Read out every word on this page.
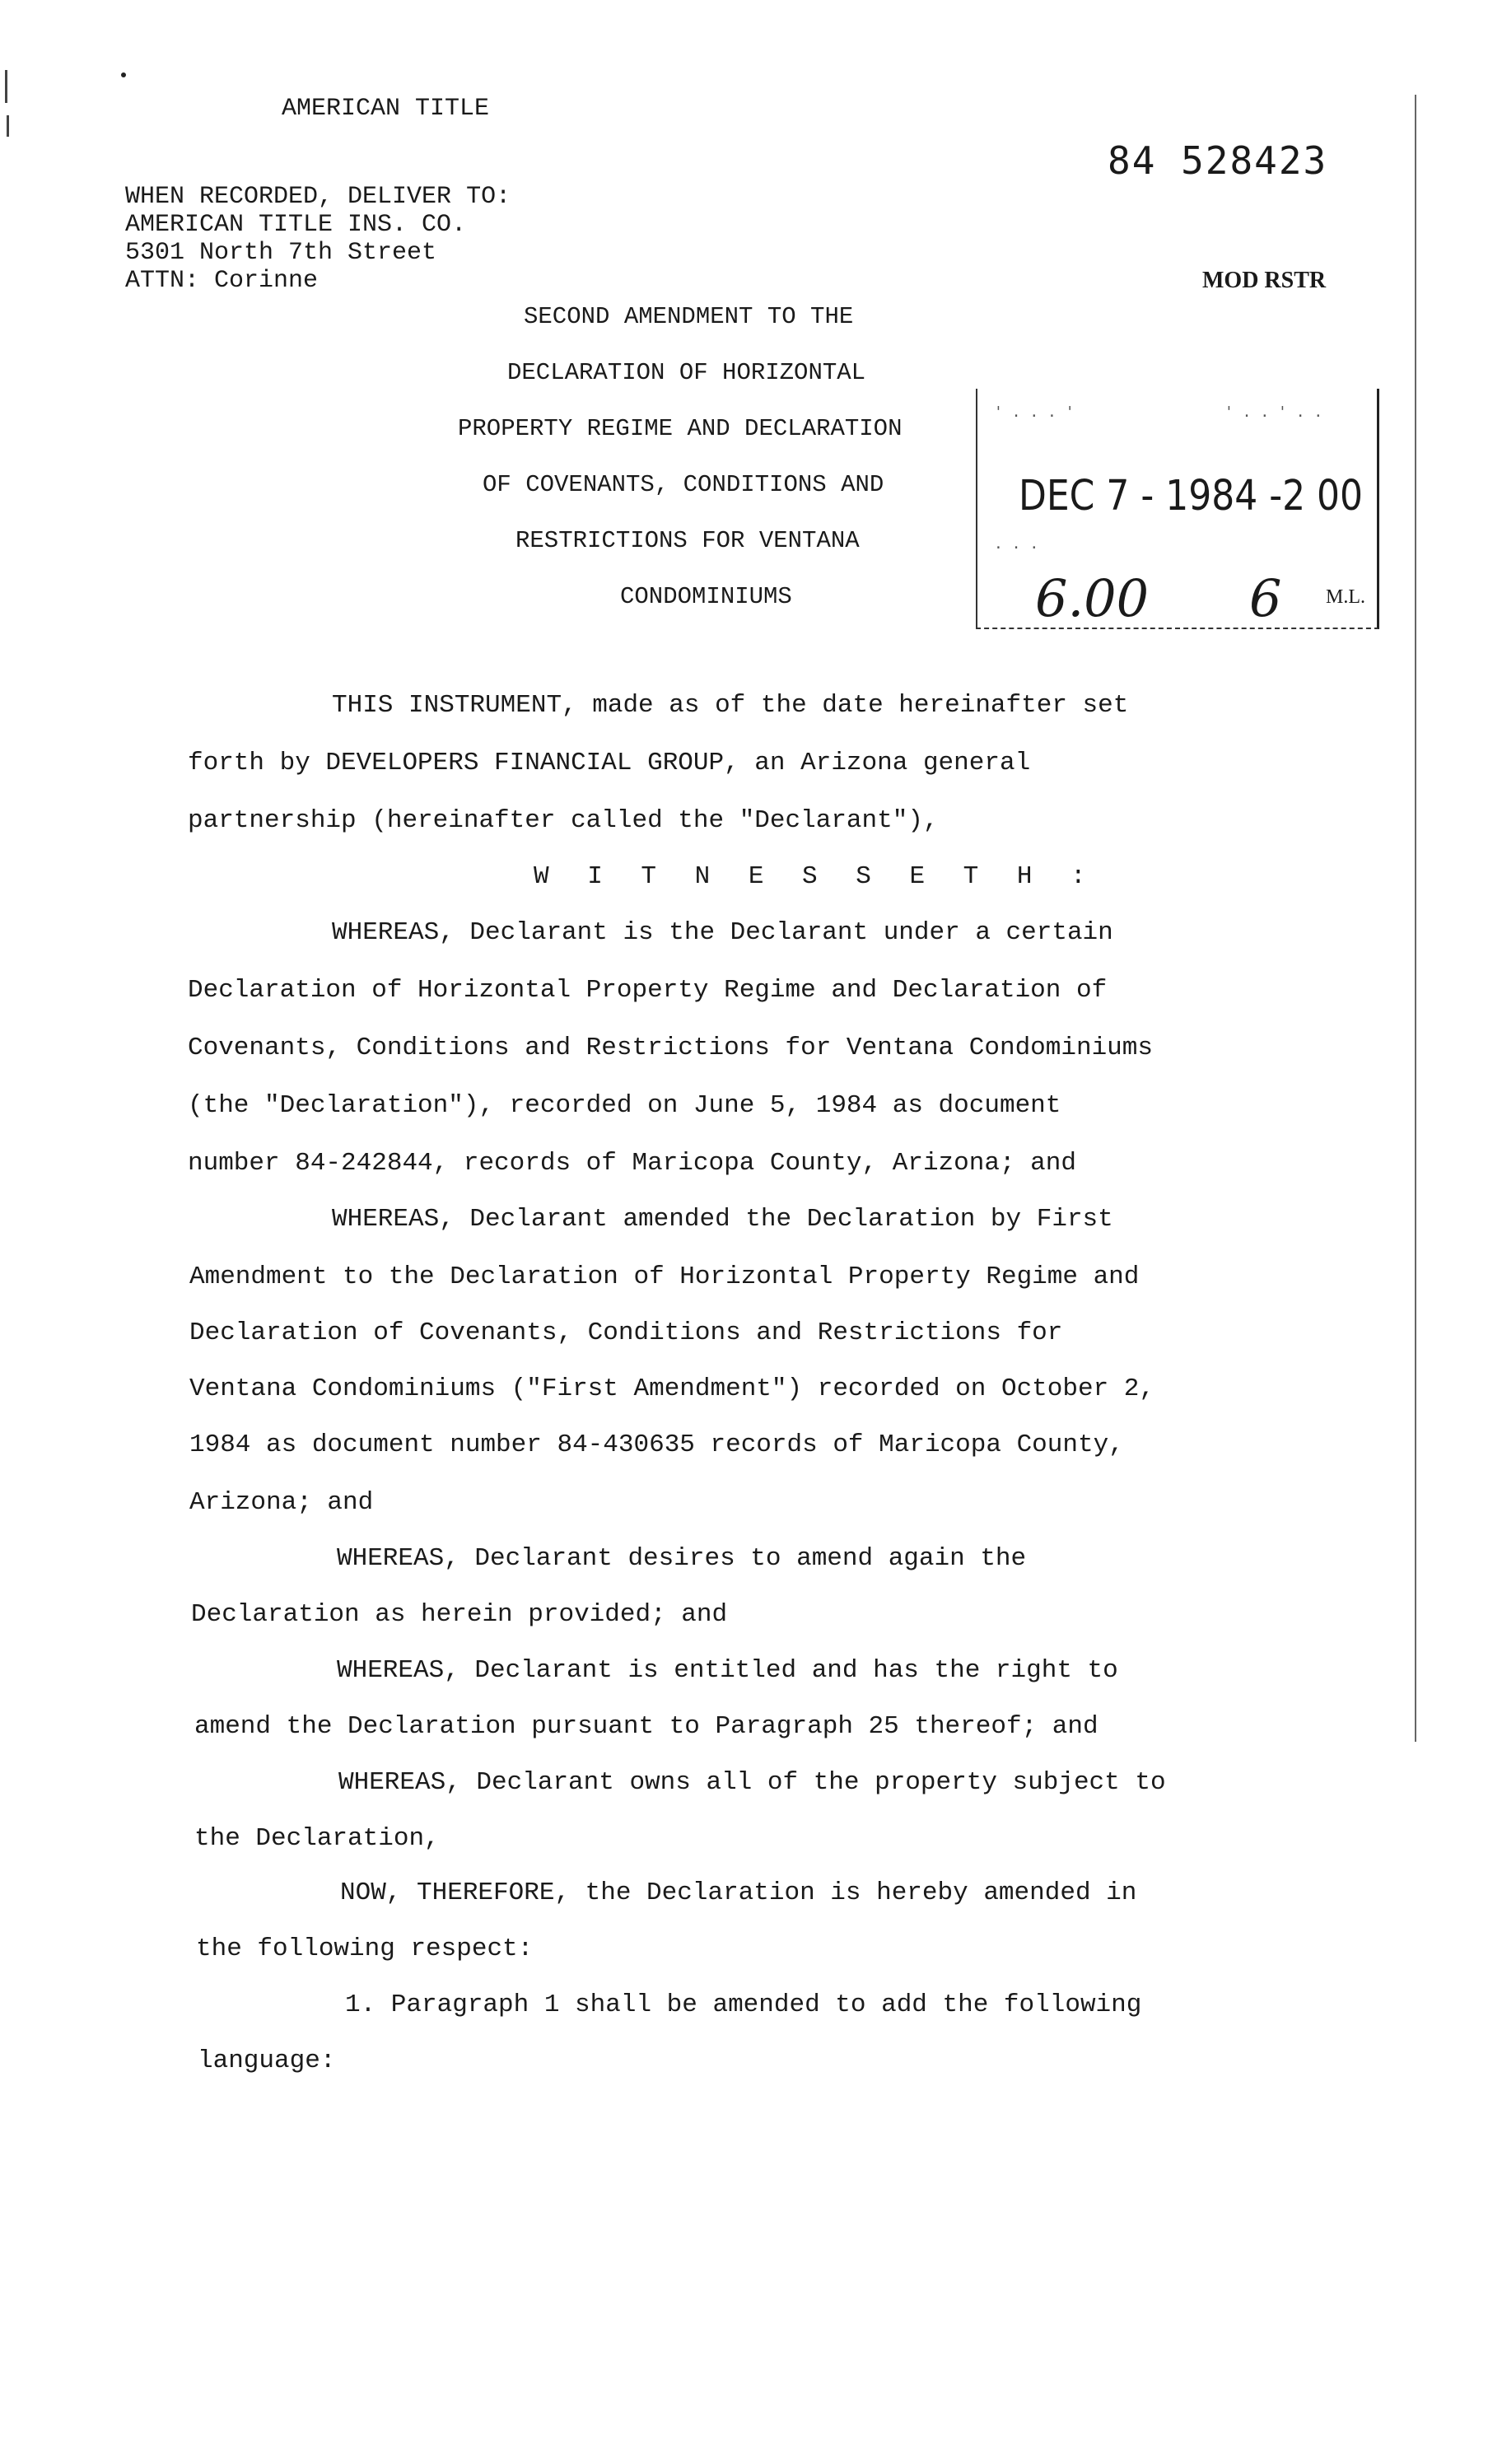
AMERICAN TITLE
84 528423
WHEN RECORDED, DELIVER TO:
AMERICAN TITLE INS. CO.
5301 North 7th Street
ATTN: Corinne	MOD RSTR
SECOND AMENDMENT TO THE
DECLARATION OF HORIZONTAL
PROPERTY REGIME AND DECLARATION
OF COVENANTS, CONDITIONS AND
RESTRICTIONS FOR VENTANA
CONDOMINIUMS
' . . . '	' . . ' . .
. . .
DEC 7 - 1984 -2 00
6.00 6 M.L.
THIS INSTRUMENT, made as of the date hereinafter set
forth by DEVELOPERS FINANCIAL GROUP, an Arizona general
partnership (hereinafter called the "Declarant"),
W I T N E S S E T H :
WHEREAS, Declarant is the Declarant under a certain
Declaration of Horizontal Property Regime and Declaration of
Covenants, Conditions and Restrictions for Ventana Condominiums
(the "Declaration"), recorded on June 5, 1984 as document
number 84-242844, records of Maricopa County, Arizona; and
WHEREAS, Declarant amended the Declaration by First
Amendment to the Declaration of Horizontal Property Regime and
Declaration of Covenants, Conditions and Restrictions for
Ventana Condominiums ("First Amendment") recorded on October 2,
1984 as document number 84-430635 records of Maricopa County,
Arizona; and
WHEREAS, Declarant desires to amend again the
Declaration as herein provided; and
WHEREAS, Declarant is entitled and has the right to
amend the Declaration pursuant to Paragraph 25 thereof; and
WHEREAS, Declarant owns all of the property subject to
the Declaration,
NOW, THEREFORE, the Declaration is hereby amended in
the following respect:
1. Paragraph 1 shall be amended to add the following
language:
